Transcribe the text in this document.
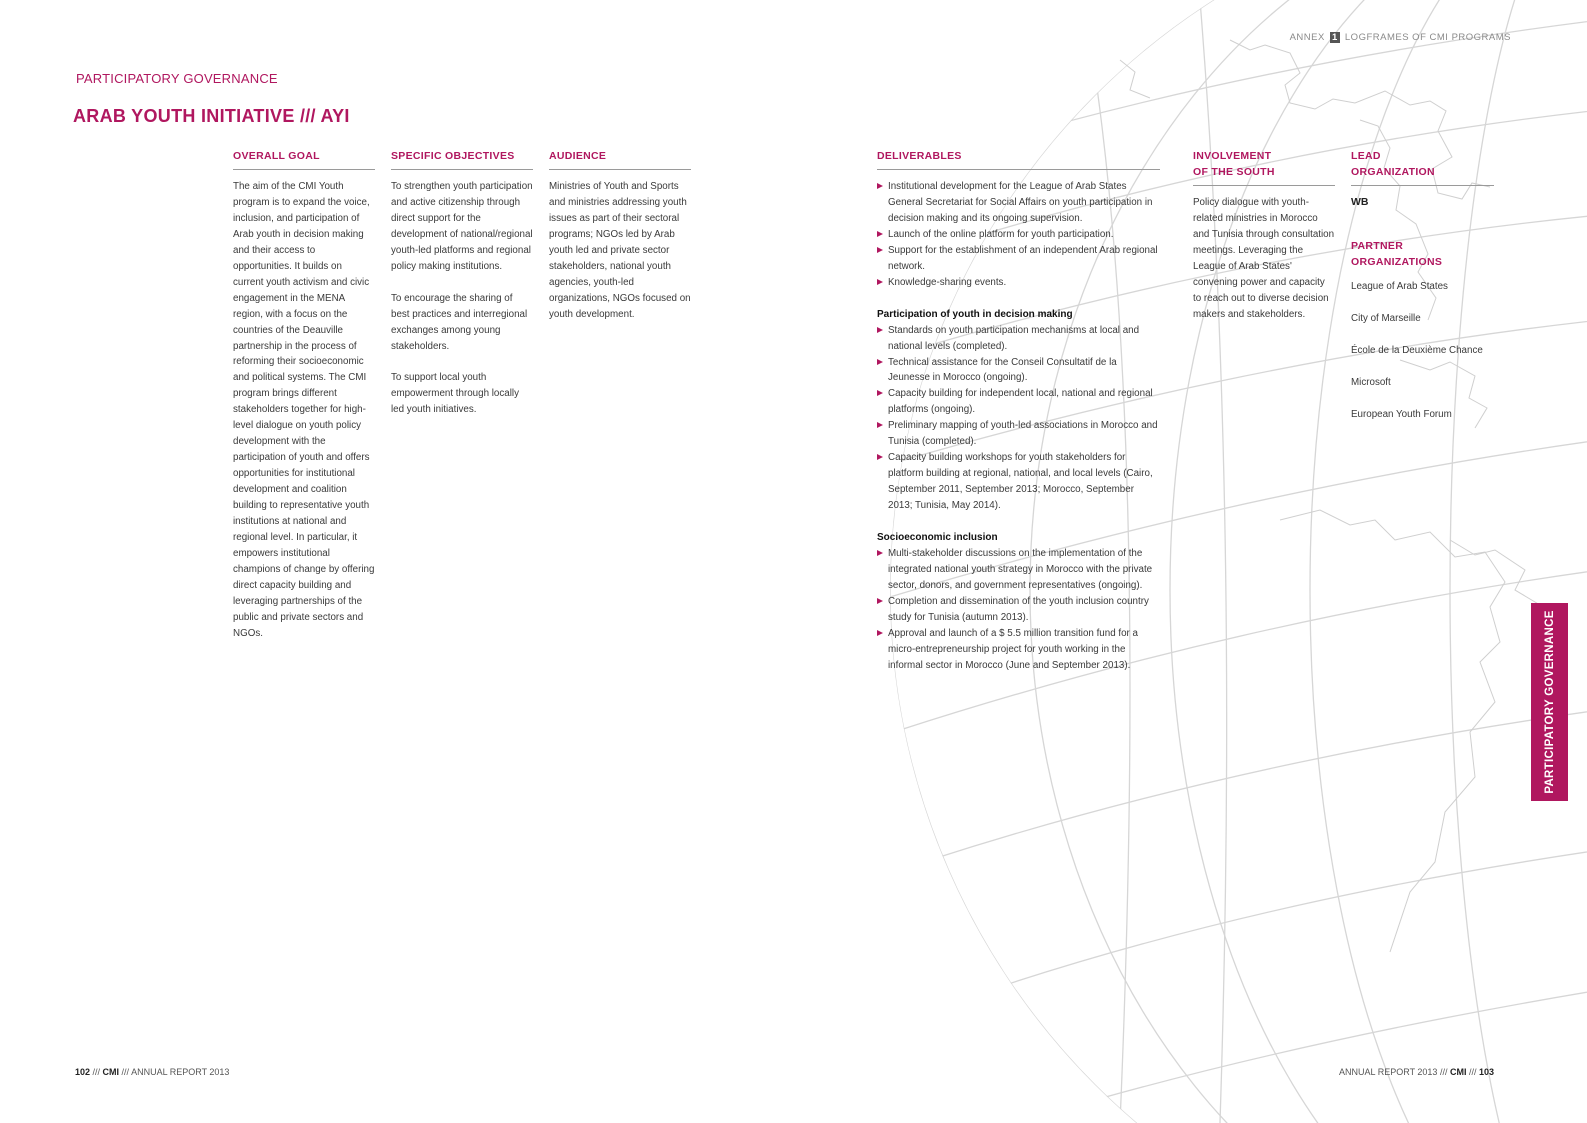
ANNEX 1 LOGFRAMES OF CMI PROGRAMS
PARTICIPATORY GOVERNANCE
ARAB YOUTH INITIATIVE /// AYI
OVERALL GOAL
The aim of the CMI Youth program is to expand the voice, inclusion, and participation of Arab youth in decision making and their access to opportunities. It builds on current youth activism and civic engagement in the MENA region, with a focus on the countries of the Deauville partnership in the process of reforming their socioeconomic and political systems. The CMI program brings different stakeholders together for high-level dialogue on youth policy development with the participation of youth and offers opportunities for institutional development and coalition building to representative youth institutions at national and regional level. In particular, it empowers institutional champions of change by offering direct capacity building and leveraging partnerships of the public and private sectors and NGOs.
SPECIFIC OBJECTIVES
To strengthen youth participation and active citizenship through direct support for the development of national/regional youth-led platforms and regional policy making institutions.
To encourage the sharing of best practices and interregional exchanges among young stakeholders.
To support local youth empowerment through locally led youth initiatives.
AUDIENCE
Ministries of Youth and Sports and ministries addressing youth issues as part of their sectoral programs; NGOs led by Arab youth led and private sector stakeholders, national youth agencies, youth-led organizations, NGOs focused on youth development.
DELIVERABLES
Institutional development for the League of Arab States General Secretariat for Social Affairs on youth participation in decision making and its ongoing supervision.
Launch of the online platform for youth participation.
Support for the establishment of an independent Arab regional network.
Knowledge-sharing events.
Participation of youth in decision making
Standards on youth participation mechanisms at local and national levels (completed).
Technical assistance for the Conseil Consultatif de la Jeunesse in Morocco (ongoing).
Capacity building for independent local, national and regional platforms (ongoing).
Preliminary mapping of youth-led associations in Morocco and Tunisia (completed).
Capacity building workshops for youth stakeholders for platform building at regional, national, and local levels (Cairo, September 2011, September 2013; Morocco, September 2013; Tunisia, May 2014).
Socioeconomic inclusion
Multi-stakeholder discussions on the implementation of the integrated national youth strategy in Morocco with the private sector, donors, and government representatives (ongoing).
Completion and dissemination of the youth inclusion country study for Tunisia (autumn 2013).
Approval and launch of a $ 5.5 million transition fund for a micro-entrepreneurship project for youth working in the informal sector in Morocco (June and September 2013).
INVOLVEMENT
OF THE SOUTH
Policy dialogue with youth-related ministries in Morocco and Tunisia through consultation meetings. Leveraging the League of Arab States' convening power and capacity to reach out to diverse decision makers and stakeholders.
LEAD
ORGANIZATION
WB
PARTNER
ORGANIZATIONS
League of Arab States
City of Marseille
École de la Deuxième Chance
Microsoft
European Youth Forum
PARTICIPATORY GOVERNANCE
102 /// CMI /// ANNUAL REPORT 2013	ANNUAL REPORT 2013 /// CMI /// 103
